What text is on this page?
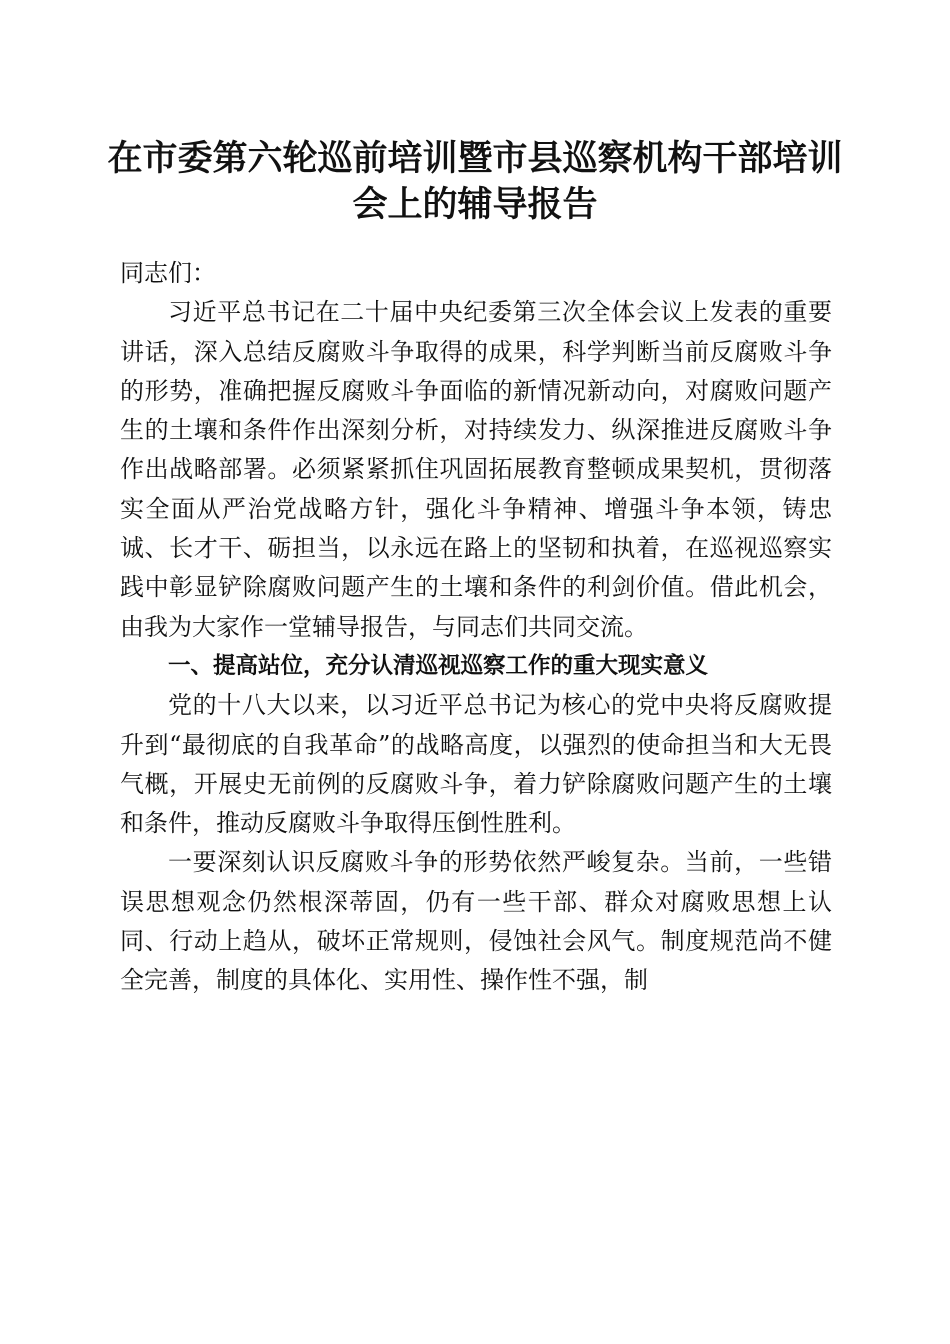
在市委第六轮巡前培训暨市县巡察机构干部培训会上的辅导报告

同志们：

习近平总书记在二十届中央纪委第三次全体会议上发表的重要讲话，深入总结反腐败斗争取得的成果，科学判断当前反腐败斗争的形势，准确把握反腐败斗争面临的新情况新动向，对腐败问题产生的土壤和条件作出深刻分析，对持续发力、纵深推进反腐败斗争作出战略部署。必须紧紧抓住巩固拓展教育整顿成果契机，贯彻落实全面从严治党战略方针，强化斗争精神、增强斗争本领，铸忠诚、长才干、砺担当，以永远在路上的坚韧和执着，在巡视巡察实践中彰显铲除腐败问题产生的土壤和条件的利剑价值。借此机会，由我为大家作一堂辅导报告，与同志们共同交流。

一、提高站位，充分认清巡视巡察工作的重大现实意义

党的十八大以来，以习近平总书记为核心的党中央将反腐败提升到“最彻底的自我革命”的战略高度，以强烈的使命担当和大无畏气概，开展史无前例的反腐败斗争，着力铲除腐败问题产生的土壤和条件，推动反腐败斗争取得压倒性胜利。

一要深刻认识反腐败斗争的形势依然严峻复杂。当前，一些错误思想观念仍然根深蒂固，仍有一些干部、群众对腐败思想上认同、行动上趋从，破坏正常规则，侵蚀社会风气。制度规范尚不健全完善，制度的具体化、实用性、操作性不强，制
